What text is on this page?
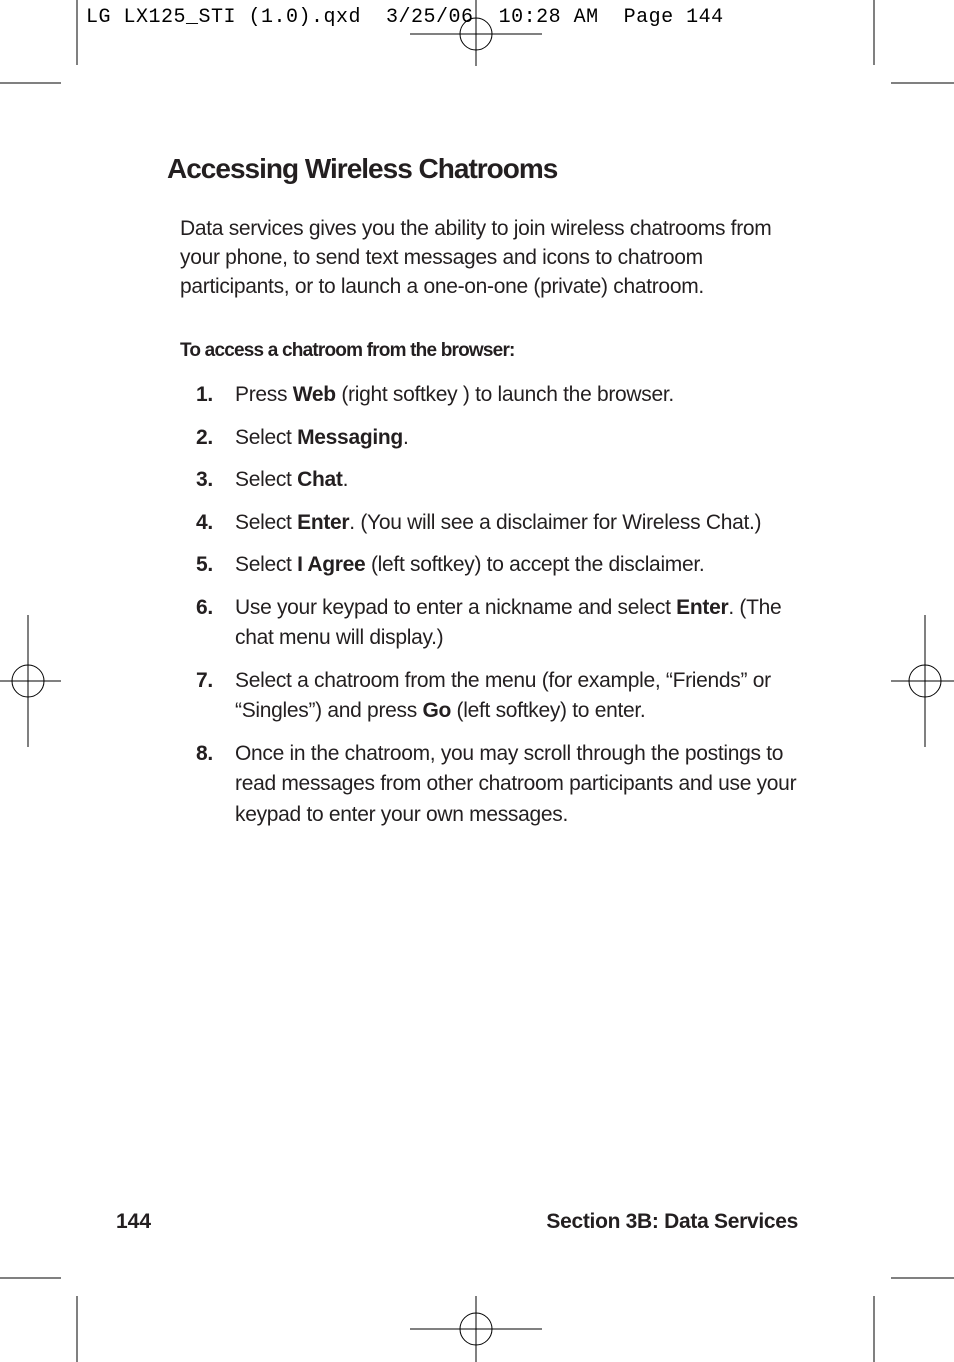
LG LX125_STI (1.0).qxd  3/25/06  10:28 AM  Page 144
Accessing Wireless Chatrooms

Data services gives you the ability to join wireless chatrooms from your phone, to send text messages and icons to chatroom participants, or to launch a one-on-one (private) chatroom.

To access a chatroom from the browser:

1. Press Web (right softkey ) to launch the browser.
2. Select Messaging.
3. Select Chat.
4. Select Enter. (You will see a disclaimer for Wireless Chat.)
5. Select I Agree (left softkey) to accept the disclaimer.
6. Use your keypad to enter a nickname and select Enter. (The chat menu will display.)
7. Select a chatroom from the menu (for example, “Friends” or “Singles”) and press Go (left softkey) to enter.
8. Once in the chatroom, you may scroll through the postings to read messages from other chatroom participants and use your keypad to enter your own messages.
144	Section 3B: Data Services
